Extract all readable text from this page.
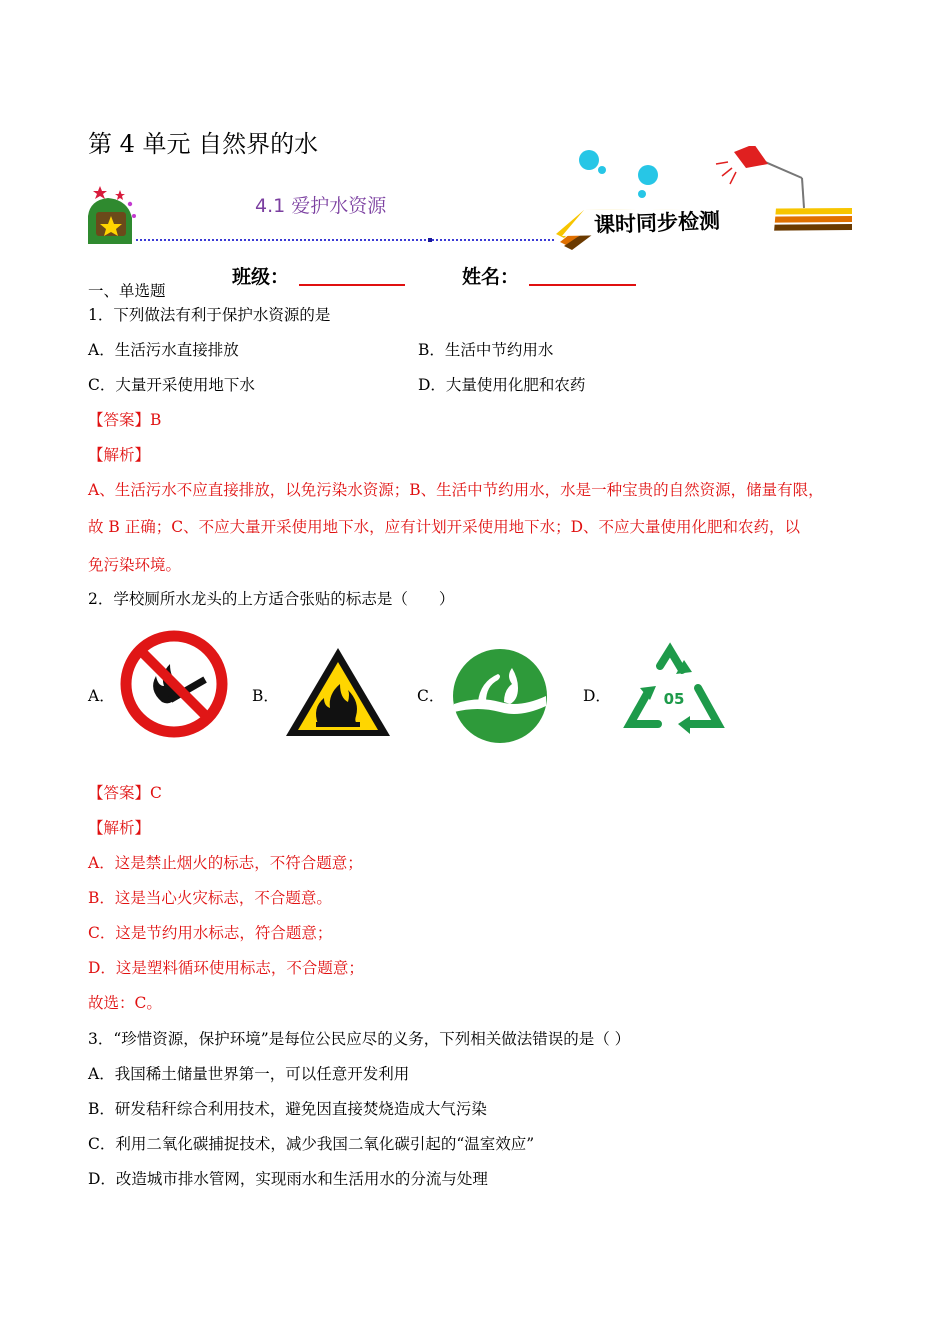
第 4 单元 自然界的水
4.1 爱护水资源
课时同步检测
班级：	姓名：
一、单选题
1．下列做法有利于保护水资源的是
A．生活污水直接排放	B．生活中节约用水
C．大量开采使用地下水	D．大量使用化肥和农药
【答案】B
【解析】
A、生活污水不应直接排放，以免污染水资源；B、生活中节约用水，水是一种宝贵的自然资源，储量有限，
故 B 正确；C、不应大量开采使用地下水，应有计划开采使用地下水；D、不应大量使用化肥和农药，以
免污染环境。
2．学校厕所水龙头的上方适合张贴的标志是（　　）
A．	B．	C．	D．	05
【答案】C
【解析】
A．这是禁止烟火的标志，不符合题意；
B．这是当心火灾标志，不合题意。
C．这是节约用水标志，符合题意；
D．这是塑料循环使用标志，不合题意；
故选：C。
3．“珍惜资源，保护环境”是每位公民应尽的义务，下列相关做法错误的是（ ）
A．我国稀土储量世界第一，可以任意开发利用
B．研发秸秆综合利用技术，避免因直接焚烧造成大气污染
C．利用二氧化碳捕捉技术，减少我国二氧化碳引起的“温室效应”
D．改造城市排水管网，实现雨水和生活用水的分流与处理
